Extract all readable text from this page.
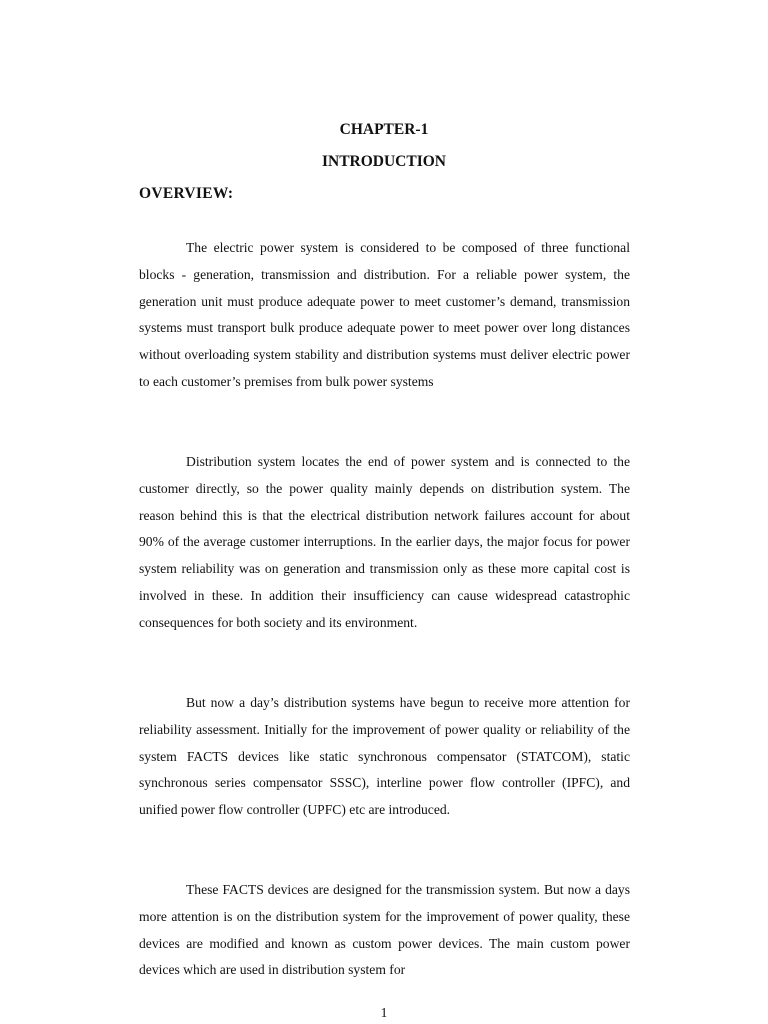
CHAPTER-1
INTRODUCTION
OVERVIEW:

The electric power system is considered to be composed of three functional blocks - generation, transmission and distribution. For a reliable power system, the generation unit must produce adequate power to meet customer’s demand, transmission systems must transport bulk produce adequate power to meet power over long distances without overloading system stability and distribution systems must deliver electric power to each customer’s premises from bulk power systems

Distribution system locates the end of power system and is connected to the customer directly, so the power quality mainly depends on distribution system. The reason behind this is that the electrical distribution network failures account for about 90% of the average customer interruptions. In the earlier days, the major focus for power system reliability was on generation and transmission only as these more capital cost is involved in these. In addition their insufficiency can cause widespread catastrophic consequences for both society and its environment.

But now a day’s distribution systems have begun to receive more attention for reliability assessment. Initially for the improvement of power quality or reliability of the system FACTS devices like static synchronous compensator (STATCOM), static synchronous series compensator SSSC), interline power flow controller (IPFC), and unified power flow controller (UPFC) etc are introduced.

These FACTS devices are designed for the transmission system. But now a days more attention is on the distribution system for the improvement of power quality, these devices are modified and known as custom power devices. The main custom power devices which are used in distribution system for

1
